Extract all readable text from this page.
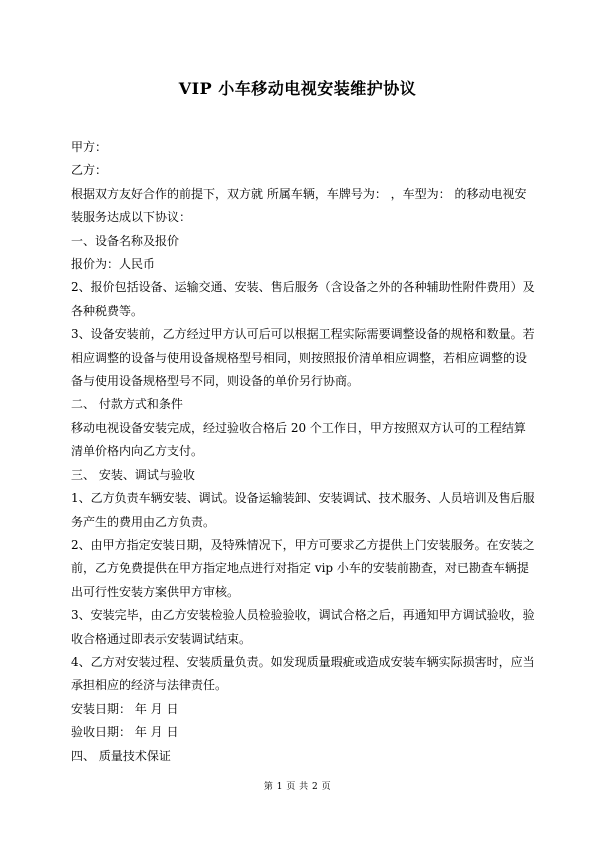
VIP 小车移动电视安装维护协议

甲方：

乙方：

根据双方友好合作的前提下，双方就 所属车辆，车牌号为： ，车型为： 的移动电视安装服务达成以下协议：

一、设备名称及报价

报价为：人民币

2、报价包括设备、运输交通、安装、售后服务（含设备之外的各种辅助性附件费用）及各种税费等。

3、设备安装前，乙方经过甲方认可后可以根据工程实际需要调整设备的规格和数量。若相应调整的设备与使用设备规格型号相同，则按照报价清单相应调整，若相应调整的设备与使用设备规格型号不同，则设备的单价另行协商。

二、 付款方式和条件

移动电视设备安装完成，经过验收合格后 20 个工作日，甲方按照双方认可的工程结算清单价格内向乙方支付。

三、 安装、调试与验收

1、乙方负责车辆安装、调试。设备运输装卸、安装调试、技术服务、人员培训及售后服务产生的费用由乙方负责。

2、由甲方指定安装日期，及特殊情况下，甲方可要求乙方提供上门安装服务。在安装之前，乙方免费提供在甲方指定地点进行对指定 vip 小车的安装前勘查，对已勘查车辆提出可行性安装方案供甲方审核。

3、安装完毕，由乙方安装检验人员检验验收，调试合格之后，再通知甲方调试验收，验收合格通过即表示安装调试结束。

4、乙方对安装过程、安装质量负责。如发现质量瑕疵或造成安装车辆实际损害时，应当承担相应的经济与法律责任。

安装日期： 年 月 日

验收日期： 年 月 日

四、 质量技术保证

第 1 页 共 2 页
